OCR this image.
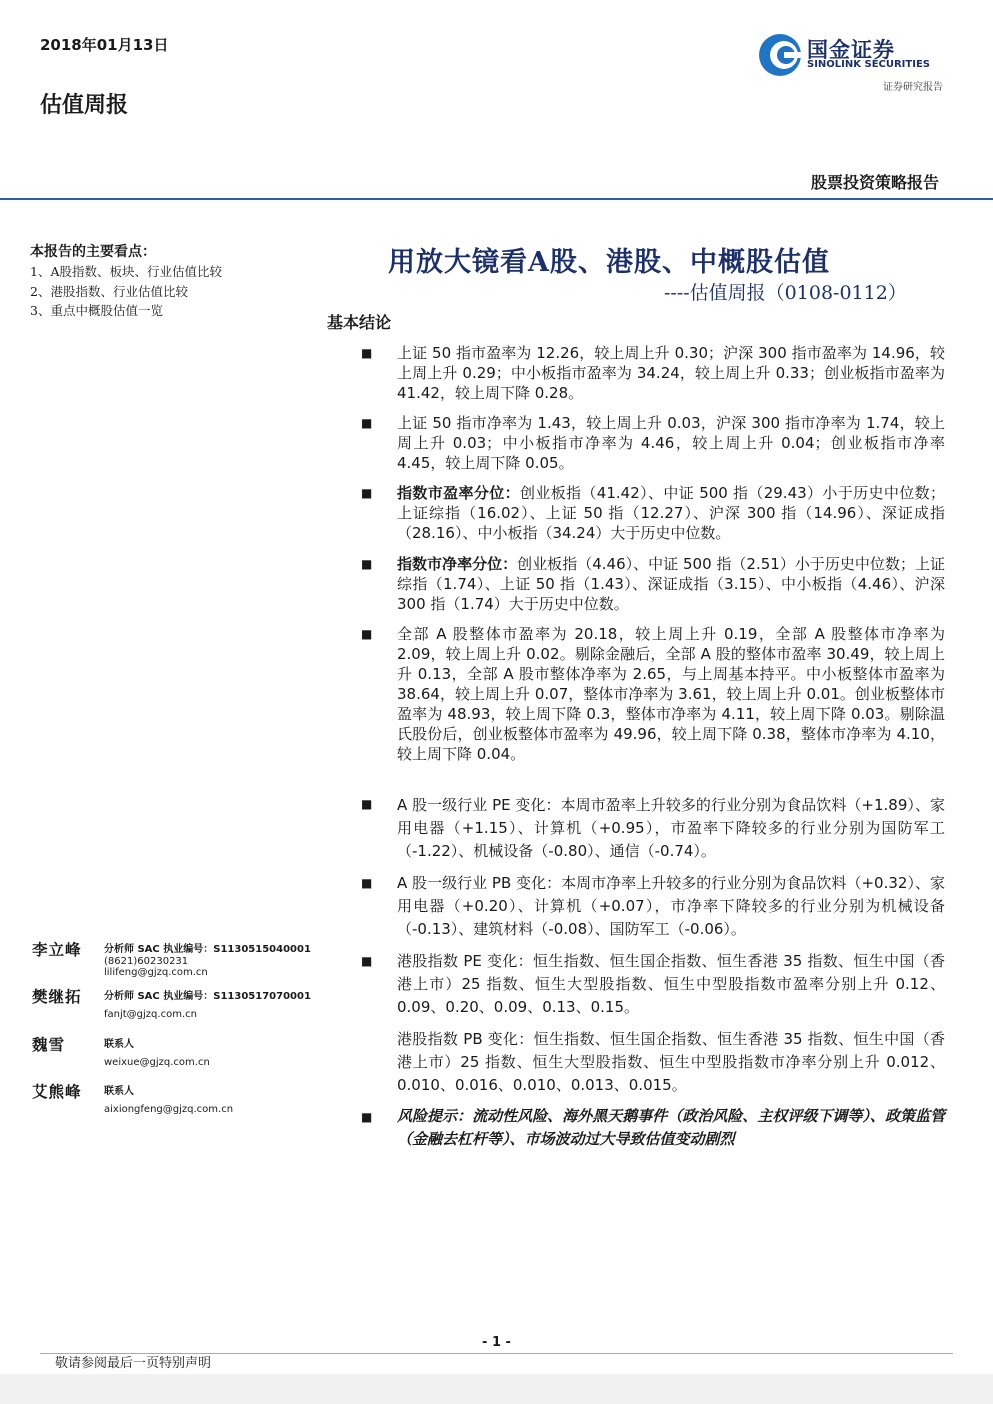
2018年01月13日
估值周报
国金证券
SINOLINK SECURITIES
证券研究报告
股票投资策略报告
本报告的主要看点：
1、A股指数、板块、行业估值比较
2、港股指数、行业估值比较
3、重点中概股估值一览
李立峰 分析师 SAC 执业编号：S1130515040001
(8621)60230231
lilifeng@gjzq.com.cn
樊继拓 分析师 SAC 执业编号：S1130517070001
fanjt@gjzq.com.cn
魏雪	联系人
weixue@gjzq.com.cn
艾熊峰 联系人
aixiongfeng@gjzq.com.cn
用放大镜看A股、港股、中概股估值
----估值周报（0108-0112）
基本结论
■ 上证 50 指市盈率为 12.26，较上周上升 0.30；沪深 300 指市盈率为 14.96，较上周上升 0.29；中小板指市盈率为 34.24，较上周上升 0.33；创业板指市盈率为 41.42，较上周下降 0.28。

■ 上证 50 指市净率为 1.43，较上周上升 0.03，沪深 300 指市净率为 1.74，较上周上升 0.03；中小板指市净率为 4.46，较上周上升 0.04；创业板指市净率 4.45，较上周下降 0.05。

■ 指数市盈率分位：创业板指（41.42）、中证 500 指（29.43）小于历史中位数；上证综指（16.02）、上证 50 指（12.27）、沪深 300 指（14.96）、深证成指（28.16）、中小板指（34.24）大于历史中位数。

■ 指数市净率分位：创业板指（4.46）、中证 500 指（2.51）小于历史中位数；上证综指（1.74）、上证 50 指（1.43）、深证成指（3.15）、中小板指（4.46）、沪深 300 指（1.74）大于历史中位数。

■ 全部 A 股整体市盈率为 20.18，较上周上升 0.19，全部 A 股整体市净率为 2.09，较上周上升 0.02。剔除金融后，全部 A 股的整体市盈率 30.49，较上周上升 0.13，全部 A 股市整体净率为 2.65，与上周基本持平。中小板整体市盈率为 38.64，较上周上升 0.07，整体市净率为 3.61，较上周上升 0.01。创业板整体市盈率为 48.93，较上周下降 0.3，整体市净率为 4.11，较上周下降 0.03。剔除温氏股份后，创业板整体市盈率为 49.96，较上周下降 0.38，整体市净率为 4.10，较上周下降 0.04。

■ A 股一级行业 PE 变化：本周市盈率上升较多的行业分别为食品饮料（+1.89）、家用电器（+1.15）、计算机（+0.95），市盈率下降较多的行业分别为国防军工（-1.22）、机械设备（-0.80）、通信（-0.74）。

■ A 股一级行业 PB 变化：本周市净率上升较多的行业分别为食品饮料（+0.32）、家用电器（+0.20）、计算机（+0.07），市净率下降较多的行业分别为机械设备（-0.13）、建筑材料（-0.08）、国防军工（-0.06）。

■ 港股指数 PE 变化：恒生指数、恒生国企指数、恒生香港 35 指数、恒生中国（香港上市）25 指数、恒生大型股指数、恒生中型股指数市盈率分别上升 0.12、0.09、0.20、0.09、0.13、0.15。

港股指数 PB 变化：恒生指数、恒生国企指数、恒生香港 35 指数、恒生中国（香港上市）25 指数、恒生大型股指数、恒生中型股指数市净率分别上升 0.012、0.010、0.016、0.010、0.013、0.015。

■ 风险提示：流动性风险、海外黑天鹅事件（政治风险、主权评级下调等）、政策监管（金融去杠杆等）、市场波动过大导致估值变动剧烈

- 1 -
敬请参阅最后一页特别声明
